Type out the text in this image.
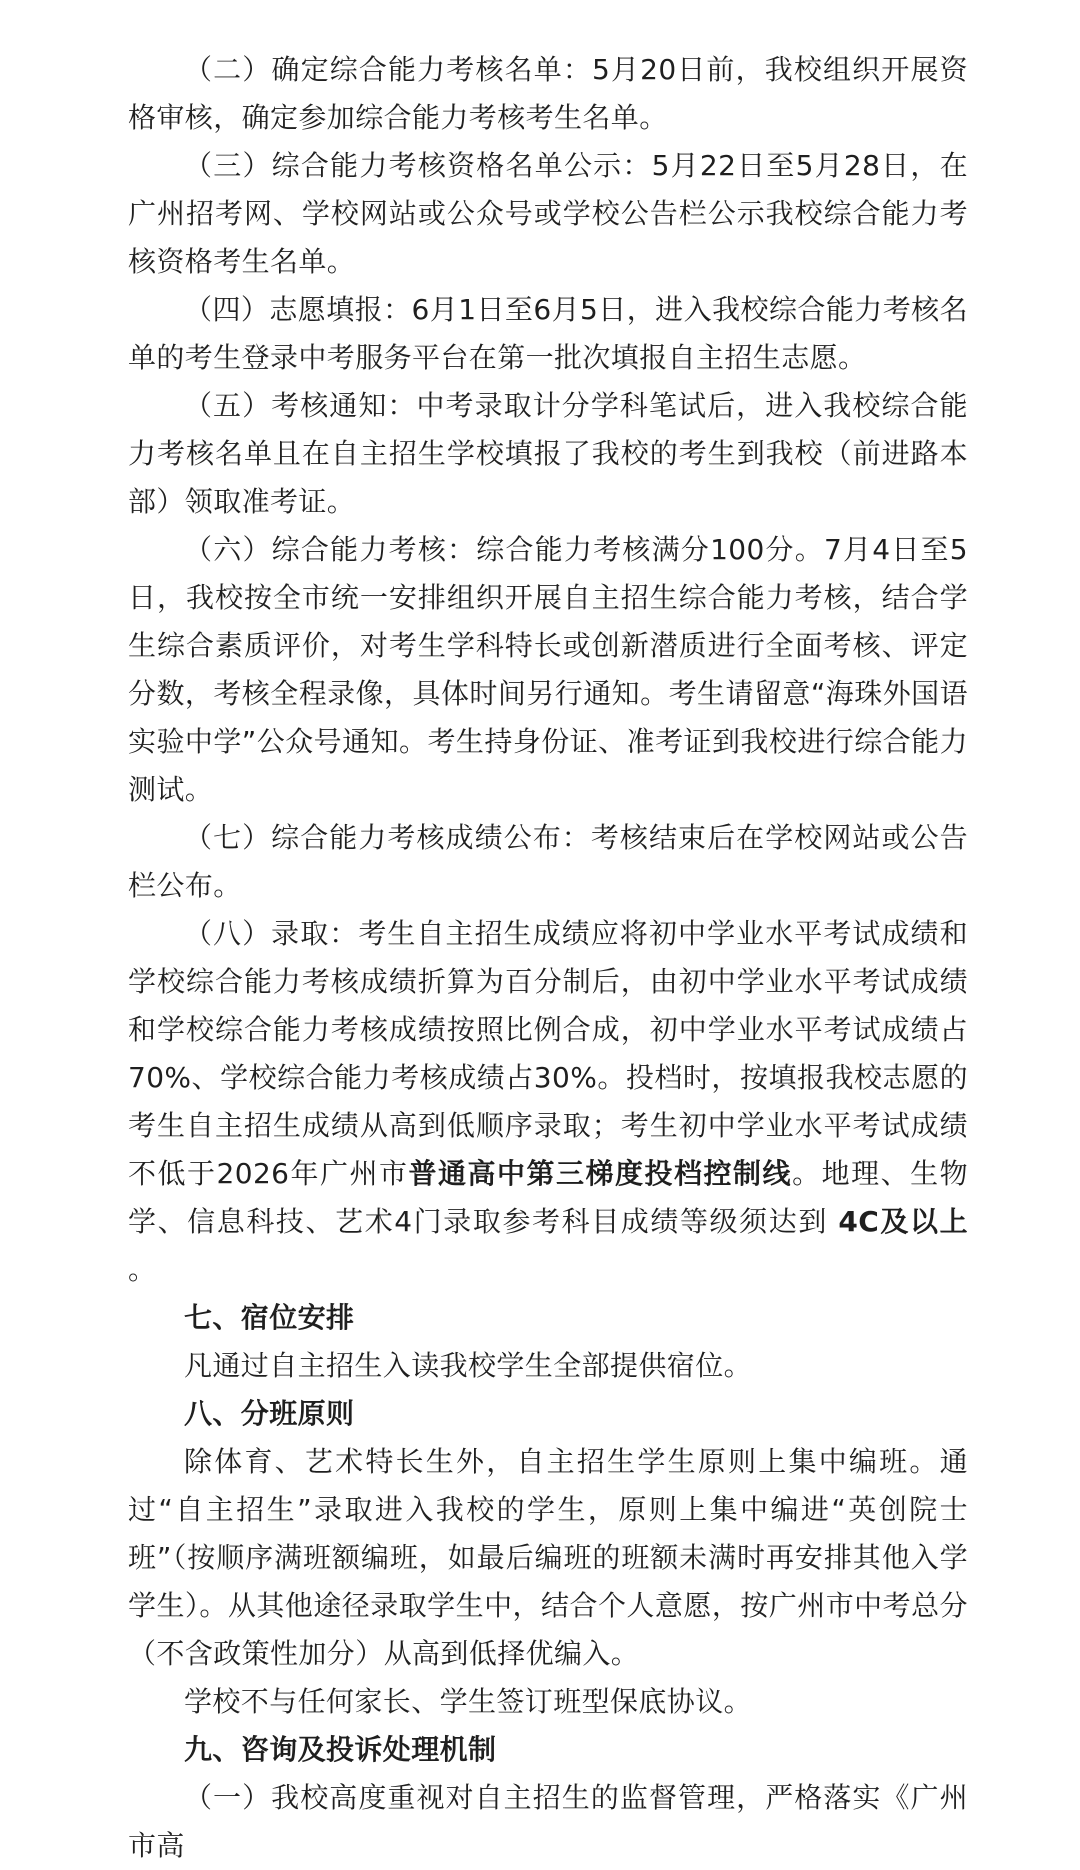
（二）确定综合能力考核名单：5月20日前，我校组织开展资格审核，确定参加综合能力考核考生名单。

（三）综合能力考核资格名单公示：5月22日至5月28日，在广州招考网、学校网站或公众号或学校公告栏公示我校综合能力考核资格考生名单。

（四）志愿填报：6月1日至6月5日，进入我校综合能力考核名单的考生登录中考服务平台在第一批次填报自主招生志愿。

（五）考核通知：中考录取计分学科笔试后，进入我校综合能力考核名单且在自主招生学校填报了我校的考生到我校（前进路本部）领取准考证。

（六）综合能力考核：综合能力考核满分100分。7月4日至5日，我校按全市统一安排组织开展自主招生综合能力考核，结合学生综合素质评价，对考生学科特长或创新潜质进行全面考核、评定分数，考核全程录像，具体时间另行通知。考生请留意“海珠外国语实验中学”公众号通知。考生持身份证、准考证到我校进行综合能力测试。

（七）综合能力考核成绩公布：考核结束后在学校网站或公告栏公布。

（八）录取：考生自主招生成绩应将初中学业水平考试成绩和学校综合能力考核成绩折算为百分制后，由初中学业水平考试成绩和学校综合能力考核成绩按照比例合成，初中学业水平考试成绩占70%、学校综合能力考核成绩占30%。投档时，按填报我校志愿的考生自主招生成绩从高到低顺序录取；考生初中学业水平考试成绩不低于2026年广州市普通高中第三梯度投档控制线。地理、生物学、信息科技、艺术4门录取参考科目成绩等级须达到 4C及以上 。

七、宿位安排

凡通过自主招生入读我校学生全部提供宿位。

八、分班原则

除体育、艺术特长生外，自主招生学生原则上集中编班。通过“自主招生”录取进入我校的学生，原则上集中编进“英创院士班”（按顺序满班额编班，如最后编班的班额未满时再安排其他入学学生）。从其他途径录取学生中，结合个人意愿，按广州市中考总分（不含政策性加分）从高到低择优编入。

学校不与任何家长、学生签订班型保底协议。

九、咨询及投诉处理机制

（一）我校高度重视对自主招生的监督管理，严格落实《广州市高
